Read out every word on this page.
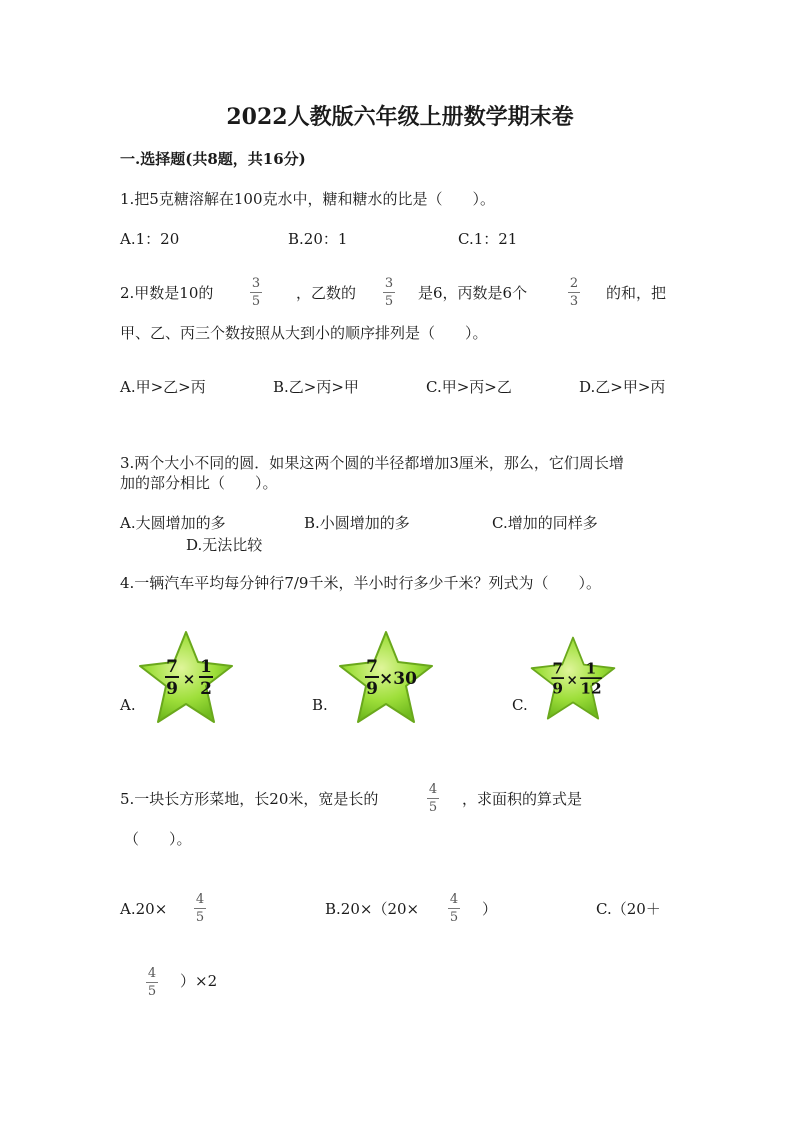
2022人教版六年级上册数学期末卷
一.选择题(共8题，共16分)
1.把5克糖溶解在100克水中，糖和糖水的比是（　　）。
A.1：20	B.20：1	C.1：21
2.甲数是10的
3
5 ，乙数的
3
5 是6，丙数是6个
2
3 的和，把
甲、乙、丙三个数按照从大到小的顺序排列是（　　）。
A.甲>乙>丙	B.乙>丙>甲	C.甲>丙>乙	D.乙>甲>丙
3.两个大小不同的圆．如果这两个圆的半径都增加3厘米，那么，它们周长增
加的部分相比（　　）。
A.大圆增加的多	B.小圆增加的多	C.增加的同样多
D.无法比较
4.一辆汽车平均每分钟行7/9千米，半小时行多少千米？列式为（　　）。
A.	B.	C.
7
9 ×
1
2
7
9 ×30
7
9 ×
1
12
5.一块长方形菜地，长20米，宽是长的
4
5 ，求面积的算式是
（　　）。
A.20×
4
5	B.20×（20×
4
5 ）	C.（20＋
4
5
）×2
